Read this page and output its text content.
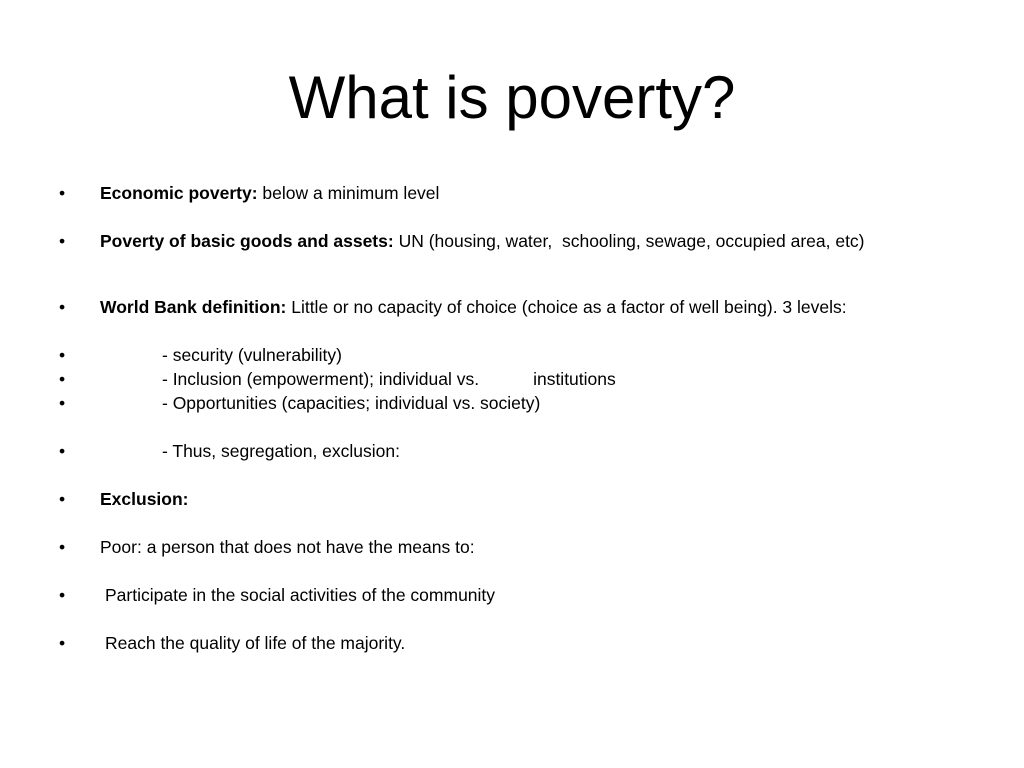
What is poverty?
• Economic poverty: below a minimum level
• Poverty of basic goods and assets: UN (housing, water,  schooling, sewage, occupied area, etc)
• World Bank definition: Little or no capacity of choice (choice as a factor of well being). 3 levels:
•	- security (vulnerability)
•	- Inclusion (empowerment); individual vs.	institutions
•	- Opportunities (capacities; individual vs. society)
•	- Thus, segregation, exclusion:
• Exclusion:
• Poor: a person that does not have the means to:
• Participate in the social activities of the community
• Reach the quality of life of the majority.
